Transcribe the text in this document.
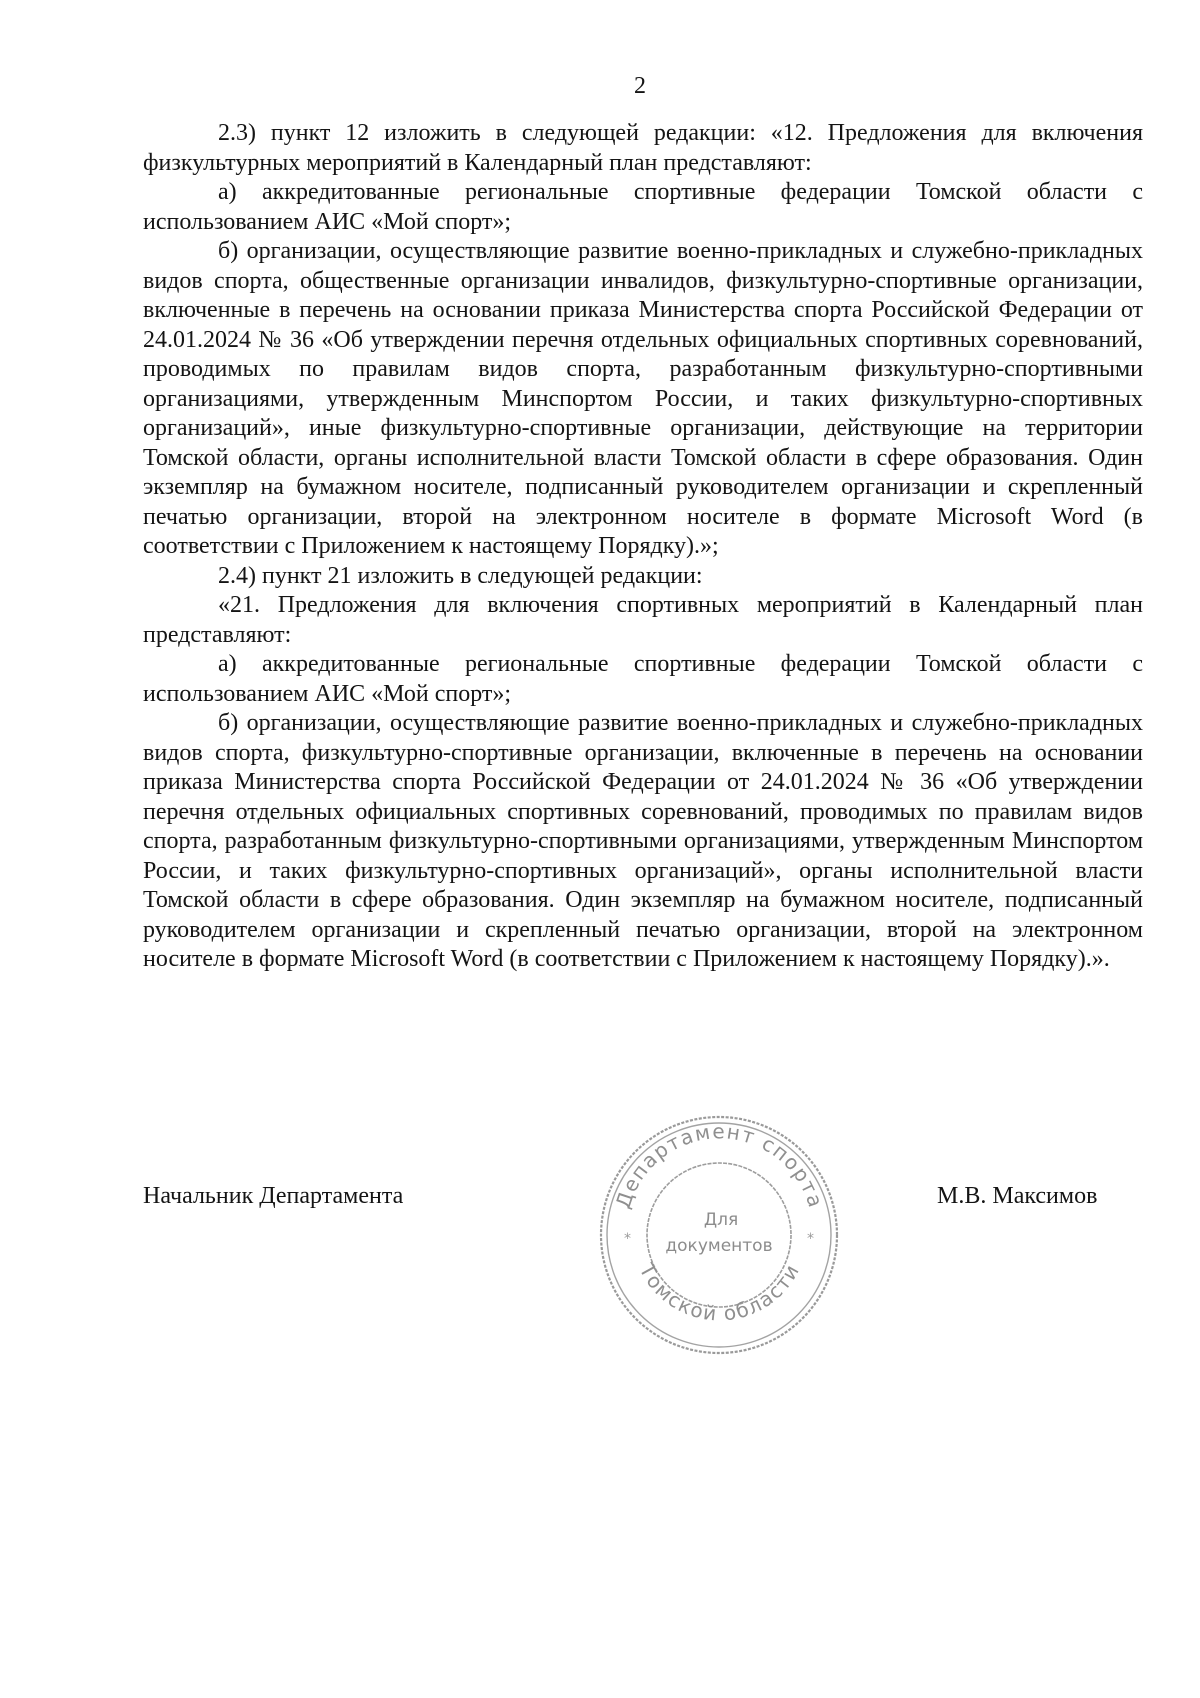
2

2.3) пункт 12 изложить в следующей редакции: «12. Предложения для включения физкультурных мероприятий в Календарный план представляют:

а) аккредитованные региональные спортивные федерации Томской области с использованием АИС «Мой спорт»;

б) организации, осуществляющие развитие военно-прикладных и служебно-прикладных видов спорта, общественные организации инвалидов, физкультурно-спортивные организации, включенные в перечень на основании приказа Министерства спорта Российской Федерации от 24.01.2024 № 36 «Об утверждении перечня отдельных официальных спортивных соревнований, проводимых по правилам видов спорта, разработанным физкультурно-спортивными организациями, утвержденным Минспортом России, и таких физкультурно-спортивных организаций», иные физкультурно-спортивные организации, действующие на территории Томской области, органы исполнительной власти Томской области в сфере образования. Один экземпляр на бумажном носителе, подписанный руководителем организации и скрепленный печатью организации, второй на электронном носителе в формате Microsoft Word (в соответствии с Приложением к настоящему Порядку).»;

2.4) пункт 21 изложить в следующей редакции:

«21. Предложения для включения спортивных мероприятий в Календарный план представляют:

а) аккредитованные региональные спортивные федерации Томской области с использованием АИС «Мой спорт»;

б) организации, осуществляющие развитие военно-прикладных и служебно-прикладных видов спорта, физкультурно-спортивные организации, включенные в перечень на основании приказа Министерства спорта Российской Федерации от 24.01.2024 № 36 «Об утверждении перечня отдельных официальных спортивных соревнований, проводимых по правилам видов спорта, разработанным физкультурно-спортивными организациями, утвержденным Минспортом России, и таких физкультурно-спортивных организаций», органы исполнительной власти Томской области в сфере образования. Один экземпляр на бумажном носителе, подписанный руководителем организации и скрепленный печатью организации, второй на электронном носителе в формате Microsoft Word (в соответствии с Приложением к настоящему Порядку).».

Начальник Департамента	М.В. Максимов
Департамент спорта
Томской области
*	*
Для
документов
